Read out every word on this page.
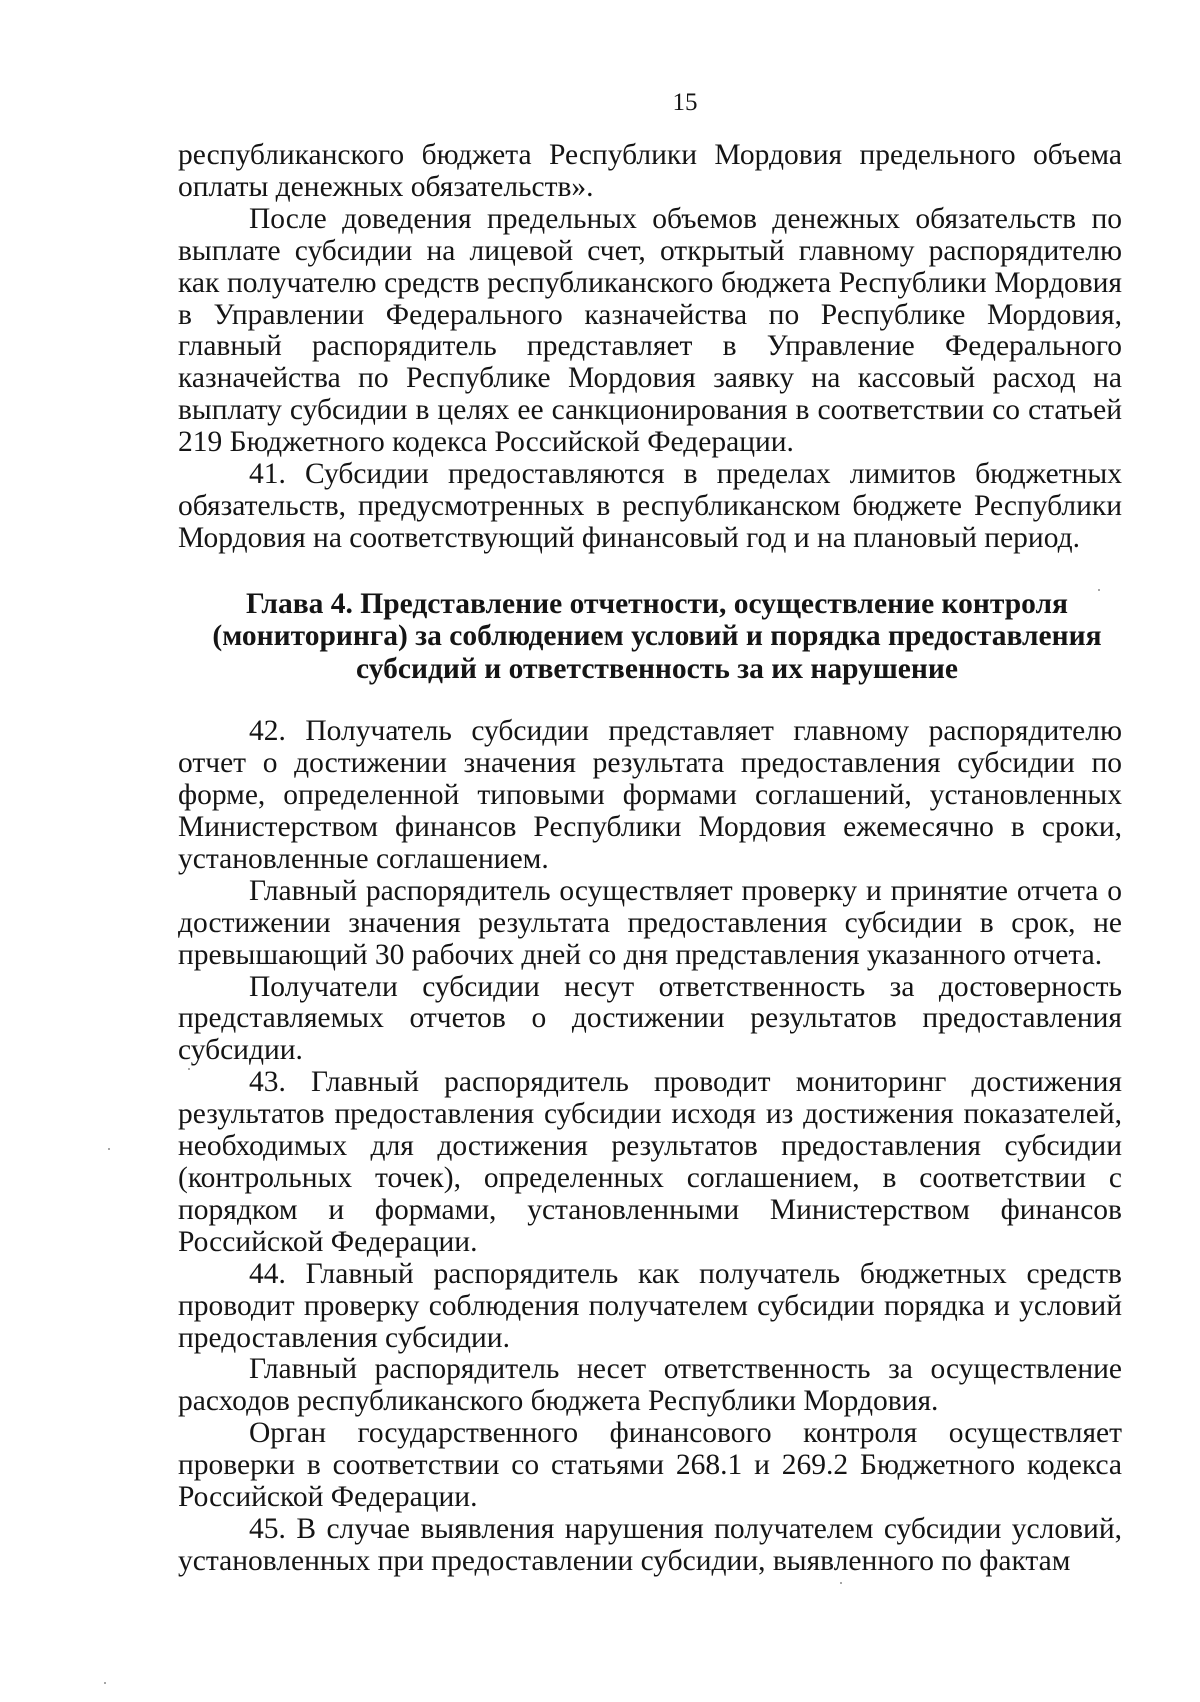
15

республиканского бюджета Республики Мордовия предельного объема оплаты денежных обязательств».

После доведения предельных объемов денежных обязательств по выплате субсидии на лицевой счет, открытый главному распорядителю как получателю средств республиканского бюджета Республики Мордовия в Управлении Федерального казначейства по Республике Мордовия, главный распорядитель представляет в Управление Федерального казначейства по Республике Мордовия заявку на кассовый расход на выплату субсидии в целях ее санкционирования в соответствии со статьей 219 Бюджетного кодекса Российской Федерации.

41. Субсидии предоставляются в пределах лимитов бюджетных обязательств, предусмотренных в республиканском бюджете Республики Мордовия на соответствующий финансовый год и на плановый период.

Глава 4. Представление отчетности, осуществление контроля
(мониторинга) за соблюдением условий и порядка предоставления
субсидий и ответственность за их нарушение

42. Получатель субсидии представляет главному распорядителю отчет о достижении значения результата предоставления субсидии по форме, определенной типовыми формами соглашений, установленных Министерством финансов Республики Мордовия ежемесячно в сроки, установленные соглашением.

Главный распорядитель осуществляет проверку и принятие отчета о достижении значения результата предоставления субсидии в срок, не превышающий 30 рабочих дней со дня представления указанного отчета.

Получатели субсидии несут ответственность за достоверность представляемых отчетов о достижении результатов предоставления субсидии.

43. Главный распорядитель проводит мониторинг достижения результатов предоставления субсидии исходя из достижения показателей, необходимых для достижения результатов предоставления субсидии (контрольных точек), определенных соглашением, в соответствии с порядком и формами, установленными Министерством финансов Российской Федерации.

44. Главный распорядитель как получатель бюджетных средств проводит проверку соблюдения получателем субсидии порядка и условий предоставления субсидии.

Главный распорядитель несет ответственность за осуществление расходов республиканского бюджета Республики Мордовия.

Орган государственного финансового контроля осуществляет проверки в соответствии со статьями 268.1 и 269.2 Бюджетного кодекса Российской Федерации.

45. В случае выявления нарушения получателем субсидии условий, установленных при предоставлении субсидии, выявленного по фактам
